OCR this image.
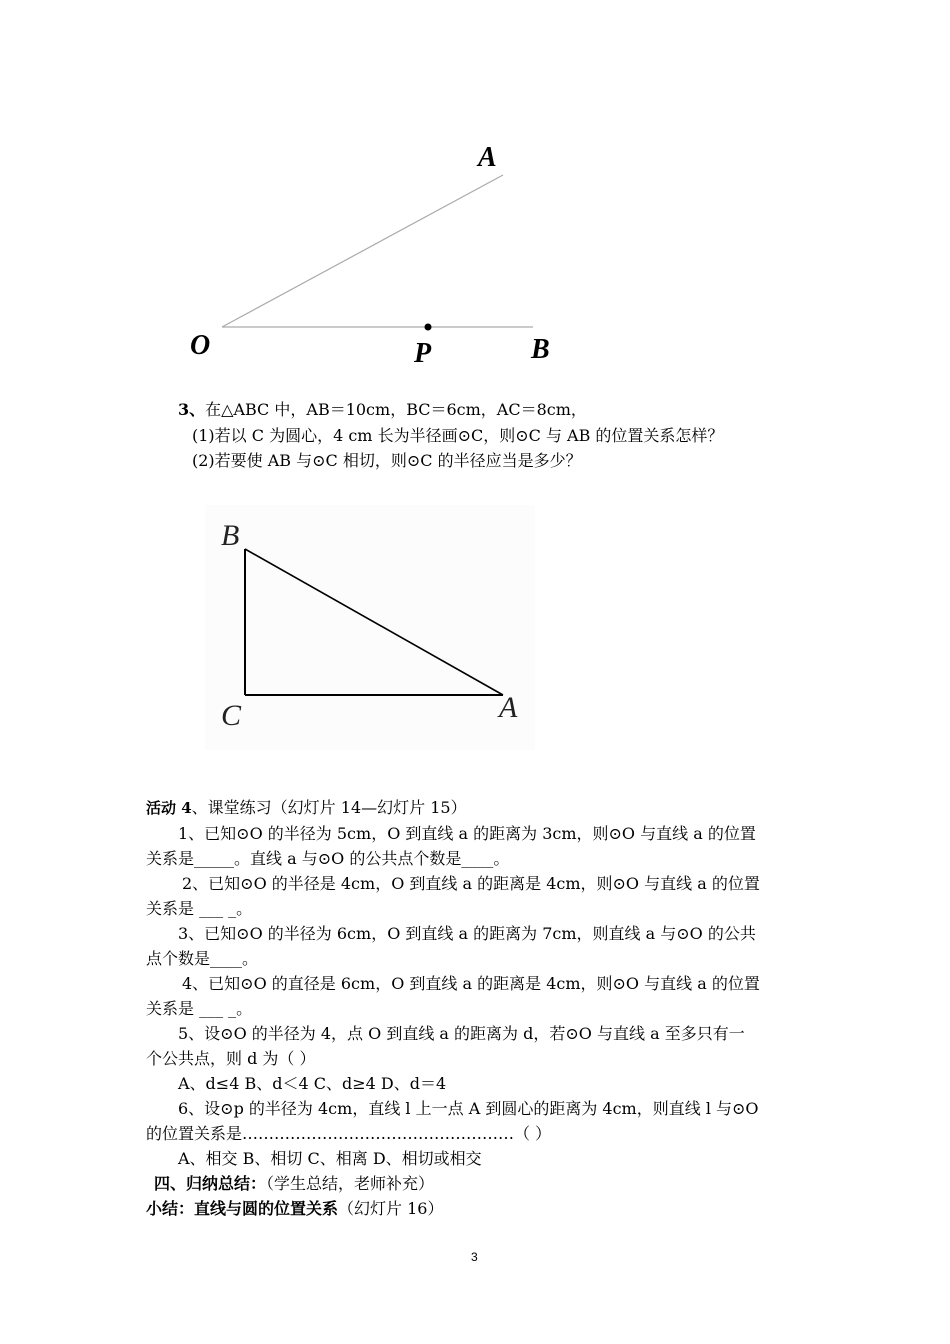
A
O	P	B
3、在△ABC 中，AB＝10cm，BC＝6cm，AC＝8cm，
(1)若以 C 为圆心，4 cm 长为半径画⊙C，则⊙C 与 AB 的位置关系怎样？
(2)若要使 AB 与⊙C 相切，则⊙C 的半径应当是多少？
B
C	A
活动 4、课堂练习（幻灯片 14—幻灯片 15）
1、已知⊙O 的半径为 5cm，O 到直线 a 的距离为 3cm，则⊙O 与直线 a 的位置
关系是_____。直线 a 与⊙O 的公共点个数是____。
2、已知⊙O 的半径是 4cm，O 到直线 a 的距离是 4cm，则⊙O 与直线 a 的位置
关系是 ___ _。
3、已知⊙O 的半径为 6cm，O 到直线 a 的距离为 7cm，则直线 a 与⊙O 的公共
点个数是____。
4、已知⊙O 的直径是 6cm，O 到直线 a 的距离是 4cm，则⊙O 与直线 a 的位置
关系是 ___ _。
5、设⊙O 的半径为 4，点 O 到直线 a 的距离为 d，若⊙O 与直线 a 至多只有一
个公共点，则 d 为（ ）
A、d≤4 B、d＜4 C、d≥4 D、d＝4
6、设⊙p 的半径为 4cm，直线 l 上一点 A 到圆心的距离为 4cm，则直线 l 与⊙O
的位置关系是……………………………………………（ ）
A、相交 B、相切 C、相离 D、相切或相交
四、归纳总结：（学生总结，老师补充）
小结：直线与圆的位置关系（幻灯片 16）
3
